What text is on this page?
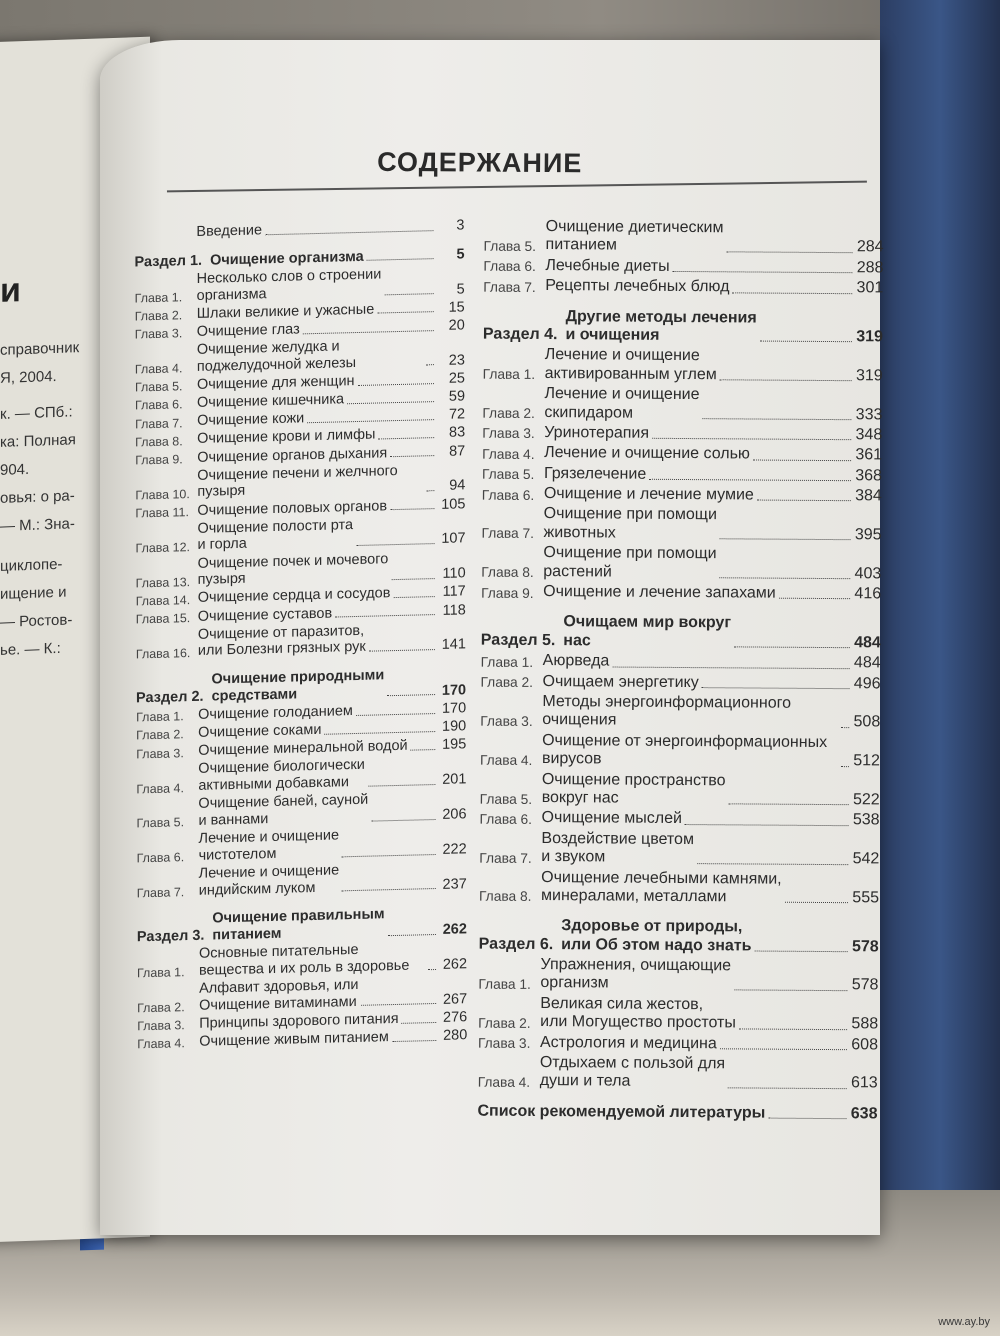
и
справочник
Я, 2004.
к. — СПб.:
ка: Полная
904.
овья: о ра-
— М.: Зна-
циклопе-
ищение и
— Ростов-
ье. — К.:
СОДЕРЖАНИЕ
Введение	3
Раздел 1. Очищение организма	5
Глава 1.
Несколько слов о строении
организма	5
Глава 2. Шлаки великие и ужасные	15
Глава 3. Очищение глаз	20
Глава 4.
Очищение желудка и поджелудочной железы	23
Глава 5. Очищение для женщин	25
Глава 6. Очищение кишечника	59
Глава 7. Очищение кожи	72
Глава 8. Очищение крови и лимфы	83
Глава 9. Очищение органов дыхания	87
Глава 10.
Очищение печени и желчного пузыря	94
Глава 11. Очищение половых органов	105
Глава 12.
Очищение полости рта
и горла	107
Глава 13.
Очищение почек и мочевого
пузыря	110
Глава 14. Очищение сердца и сосудов	117
Глава 15. Очищение суставов	118
Глава 16.
Очищение от паразитов,
или Болезни грязных рук	141
Раздел 2.
Очищение природными
средствами	170
Глава 1. Очищение голоданием	170
Глава 2. Очищение соками	190
Глава 3. Очищение минеральной водой 195
Глава 4.
Очищение биологически
активными добавками	201
Глава 5.
Очищение баней, сауной
и ваннами	206
Глава 6.
Лечение и очищение
чистотелом	222
Глава 7.
Лечение и очищение
индийским луком	237
Раздел 3.
Очищение правильным
питанием	262
Глава 1.
Основные питательные вещества и их роль в здоровье	262
Глава 2.
Алфавит здоровья, или
Очищение витаминами	267
Глава 3. Принципы здорового питания	276
Глава 4. Очищение живым питанием	280
Глава 5.
Очищение диетическим
питанием	284
Глава 6. Лечебные диеты	288
Глава 7. Рецепты лечебных блюд	301
Раздел 4.
Другие методы лечения
и очищения	319
Глава 1.
Лечение и очищение
активированным углем	319
Глава 2.
Лечение и очищение
скипидаром	333
Глава 3. Уринотерапия	348
Глава 4. Лечение и очищение солью	361
Глава 5. Грязелечение	368
Глава 6. Очищение и лечение мумие	384
Глава 7.
Очищение при помощи
животных	395
Глава 8.
Очищение при помощи
растений	403
Глава 9. Очищение и лечение запахами	416
Раздел 5.
Очищаем мир вокруг
нас	484
Глава 1. Аюрведа	484
Глава 2. Очищаем энергетику	496
Глава 3.
Методы энергоинформационного очищения	508
Глава 4.
Очищение от энергоинформационных вирусов	512
Глава 5.
Очищение пространство
вокруг нас	522
Глава 6. Очищение мыслей	538
Глава 7.
Воздействие цветом
и звуком	542
Глава 8.
Очищение лечебными камнями,
минералами, металлами	555
Раздел 6.
Здоровье от природы,
или Об этом надо знать	578
Глава 1.
Упражнения, очищающие
организм	578
Глава 2.
Великая сила жестов,
или Могущество простоты	588
Глава 3. Астрология и медицина	608
Глава 4.
Отдыхаем с пользой для
души и тела	613
Список рекомендуемой литературы	638
www.ay.by
